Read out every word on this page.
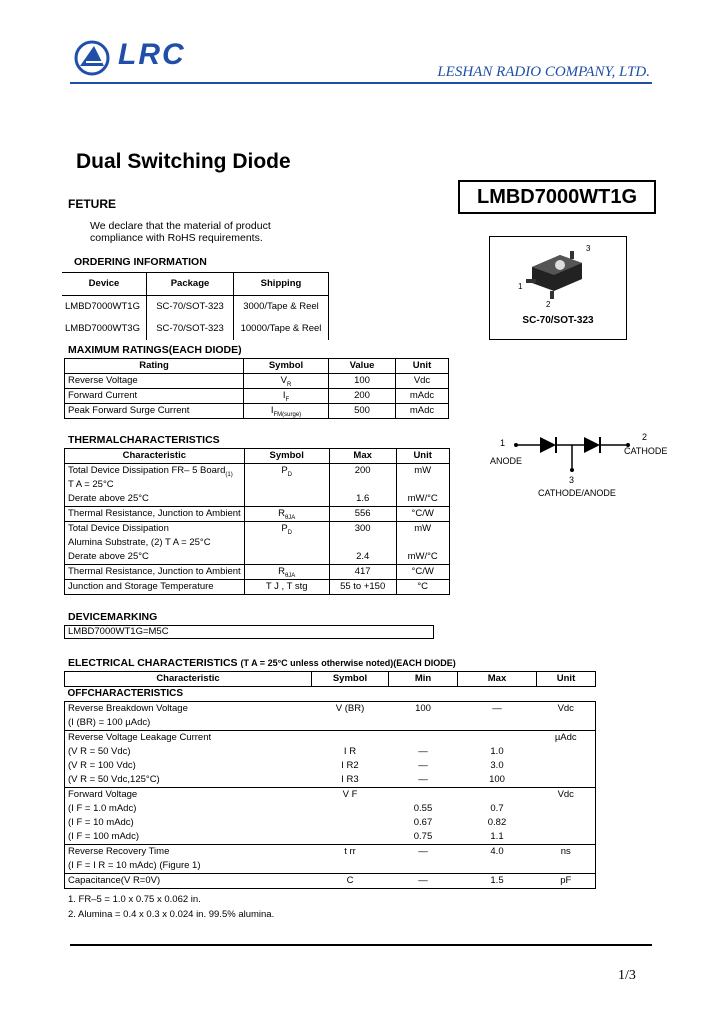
LRC
LESHAN RADIO COMPANY, LTD.
Dual Switching Diode
LMBD7000WT1G
FETURE
We declare that the material of product
compliance with RoHS requirements.
ORDERING INFORMATION
Device	Package	Shipping
LMBD7000WT1G	SC-70/SOT-323	3000/Tape & Reel
LMBD7000WT3G	SC-70/SOT-323	10000/Tape & Reel
3
1
2
SC-70/SOT-323
MAXIMUM RATINGS(EACH DIODE)
Rating	Symbol	Value	Unit
Reverse Voltage	$V_R$	100	Vdc
Forward Current	$I_F$	200	mAdc
Peak Forward Surge Current	$I_{FM(surge)}$	500	mAdc
THERMALCHARACTERISTICS
Characteristic	Symbol	Max	Unit
Total Device Dissipation FR– 5 Board$_{(1)}$	$P_D$	200	mW
T A = 25°C			
Derate above 25°C		1.6	mW/°C
Thermal Resistance, Junction to Ambient	$R_{\theta JA}$	556	°C/W
Total Device Dissipation	$P_D$	300	mW
Alumina Substrate, (2) T A = 25°C			
Derate above 25°C		2.4	mW/°C
Thermal Resistance, Junction to Ambient	$R_{\theta JA}$	417	°C/W
Junction and Storage Temperature	T J , T stg	55 to +150	°C
1
ANODE
2
CATHODE
3
CATHODE/ANODE
DEVICEMARKING
LMBD7000WT1G=M5C
ELECTRICAL CHARACTERISTICS (T A = 25°C unless otherwise noted)(EACH DIODE)
Characteristic	Symbol	Min	Max	Unit
OFFCHARACTERISTICS				
Reverse Breakdown Voltage	V (BR)	100	—	Vdc
(I (BR) = 100 µAdc)				
Reverse Voltage Leakage Current				µAdc
(V R = 50 Vdc)	I R	—	1.0	
(V R = 100 Vdc)	I R2	—	3.0	
(V R = 50 Vdc,125°C)	I R3	—	100	
Forward Voltage	V F			Vdc
(I F = 1.0 mAdc)		0.55	0.7	
(I F = 10 mAdc)		0.67	0.82	
(I F = 100 mAdc)		0.75	1.1	
Reverse Recovery Time	t rr	—	4.0	ns
(I F = I R = 10 mAdc) (Figure 1)				
Capacitance(V R=0V)	C	—	1.5	pF
1. FR–5 = 1.0 x 0.75 x 0.062 in.
2. Alumina = 0.4 x 0.3 x 0.024 in. 99.5% alumina.
1/3
